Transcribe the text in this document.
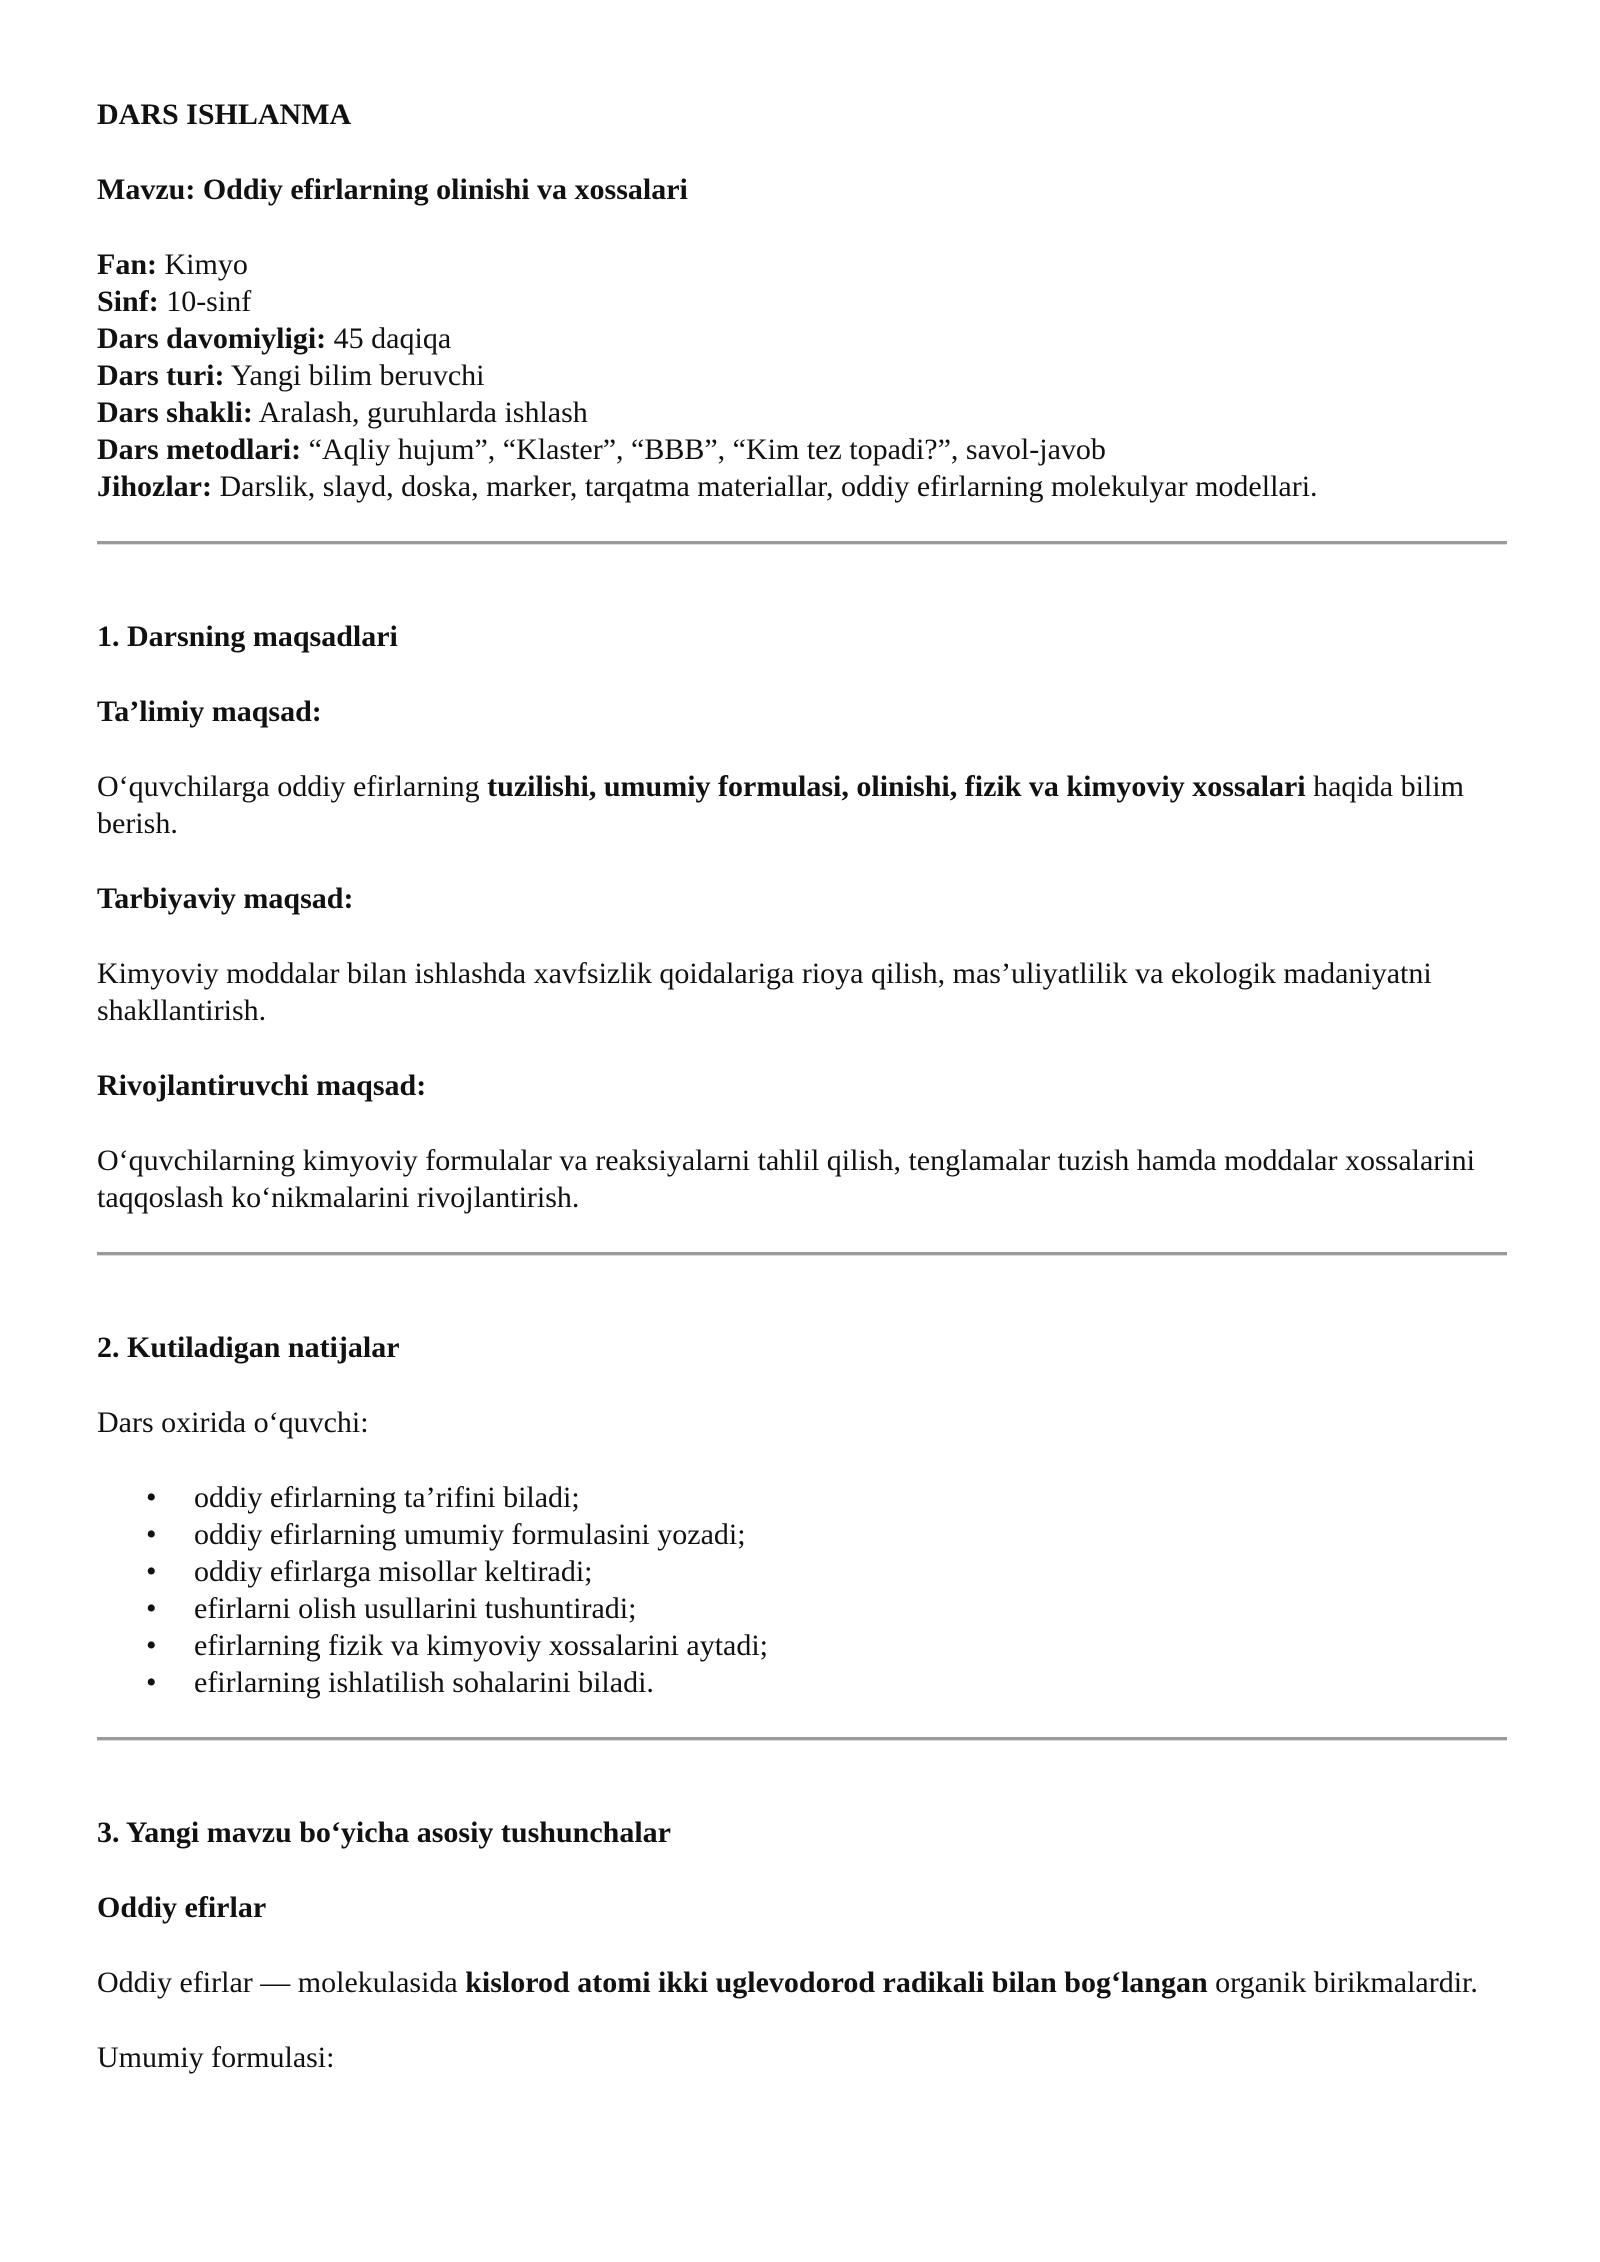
DARS ISHLANMA

Mavzu: Oddiy efirlarning olinishi va xossalari

Fan: Kimyo

Sinf: 10-sinf

Dars davomiyligi: 45 daqiqa

Dars turi: Yangi bilim beruvchi

Dars shakli: Aralash, guruhlarda ishlash

Dars metodlari: “Aqliy hujum”, “Klaster”, “BBB”, “Kim tez topadi?”, savol-javob

Jihozlar: Darslik, slayd, doska, marker, tarqatma materiallar, oddiy efirlarning molekulyar modellari.

1. Darsning maqsadlari

Ta’limiy maqsad:

O‘quvchilarga oddiy efirlarning tuzilishi, umumiy formulasi, olinishi, fizik va kimyoviy xossalari haqida bilim berish.

Tarbiyaviy maqsad:

Kimyoviy moddalar bilan ishlashda xavfsizlik qoidalariga rioya qilish, mas’uliyatlilik va ekologik madaniyatni shakllantirish.

Rivojlantiruvchi maqsad:

O‘quvchilarning kimyoviy formulalar va reaksiyalarni tahlil qilish, tenglamalar tuzish hamda moddalar xossalarini taqqoslash ko‘nikmalarini rivojlantirish.

2. Kutiladigan natijalar

Dars oxirida o‘quvchi:

• oddiy efirlarning ta’rifini biladi;
• oddiy efirlarning umumiy formulasini yozadi;
• oddiy efirlarga misollar keltiradi;
• efirlarni olish usullarini tushuntiradi;
• efirlarning fizik va kimyoviy xossalarini aytadi;
• efirlarning ishlatilish sohalarini biladi.

3. Yangi mavzu bo‘yicha asosiy tushunchalar

Oddiy efirlar

Oddiy efirlar — molekulasida kislorod atomi ikki uglevodorod radikali bilan bog‘langan organik birikmalardir.

Umumiy formulasi:
